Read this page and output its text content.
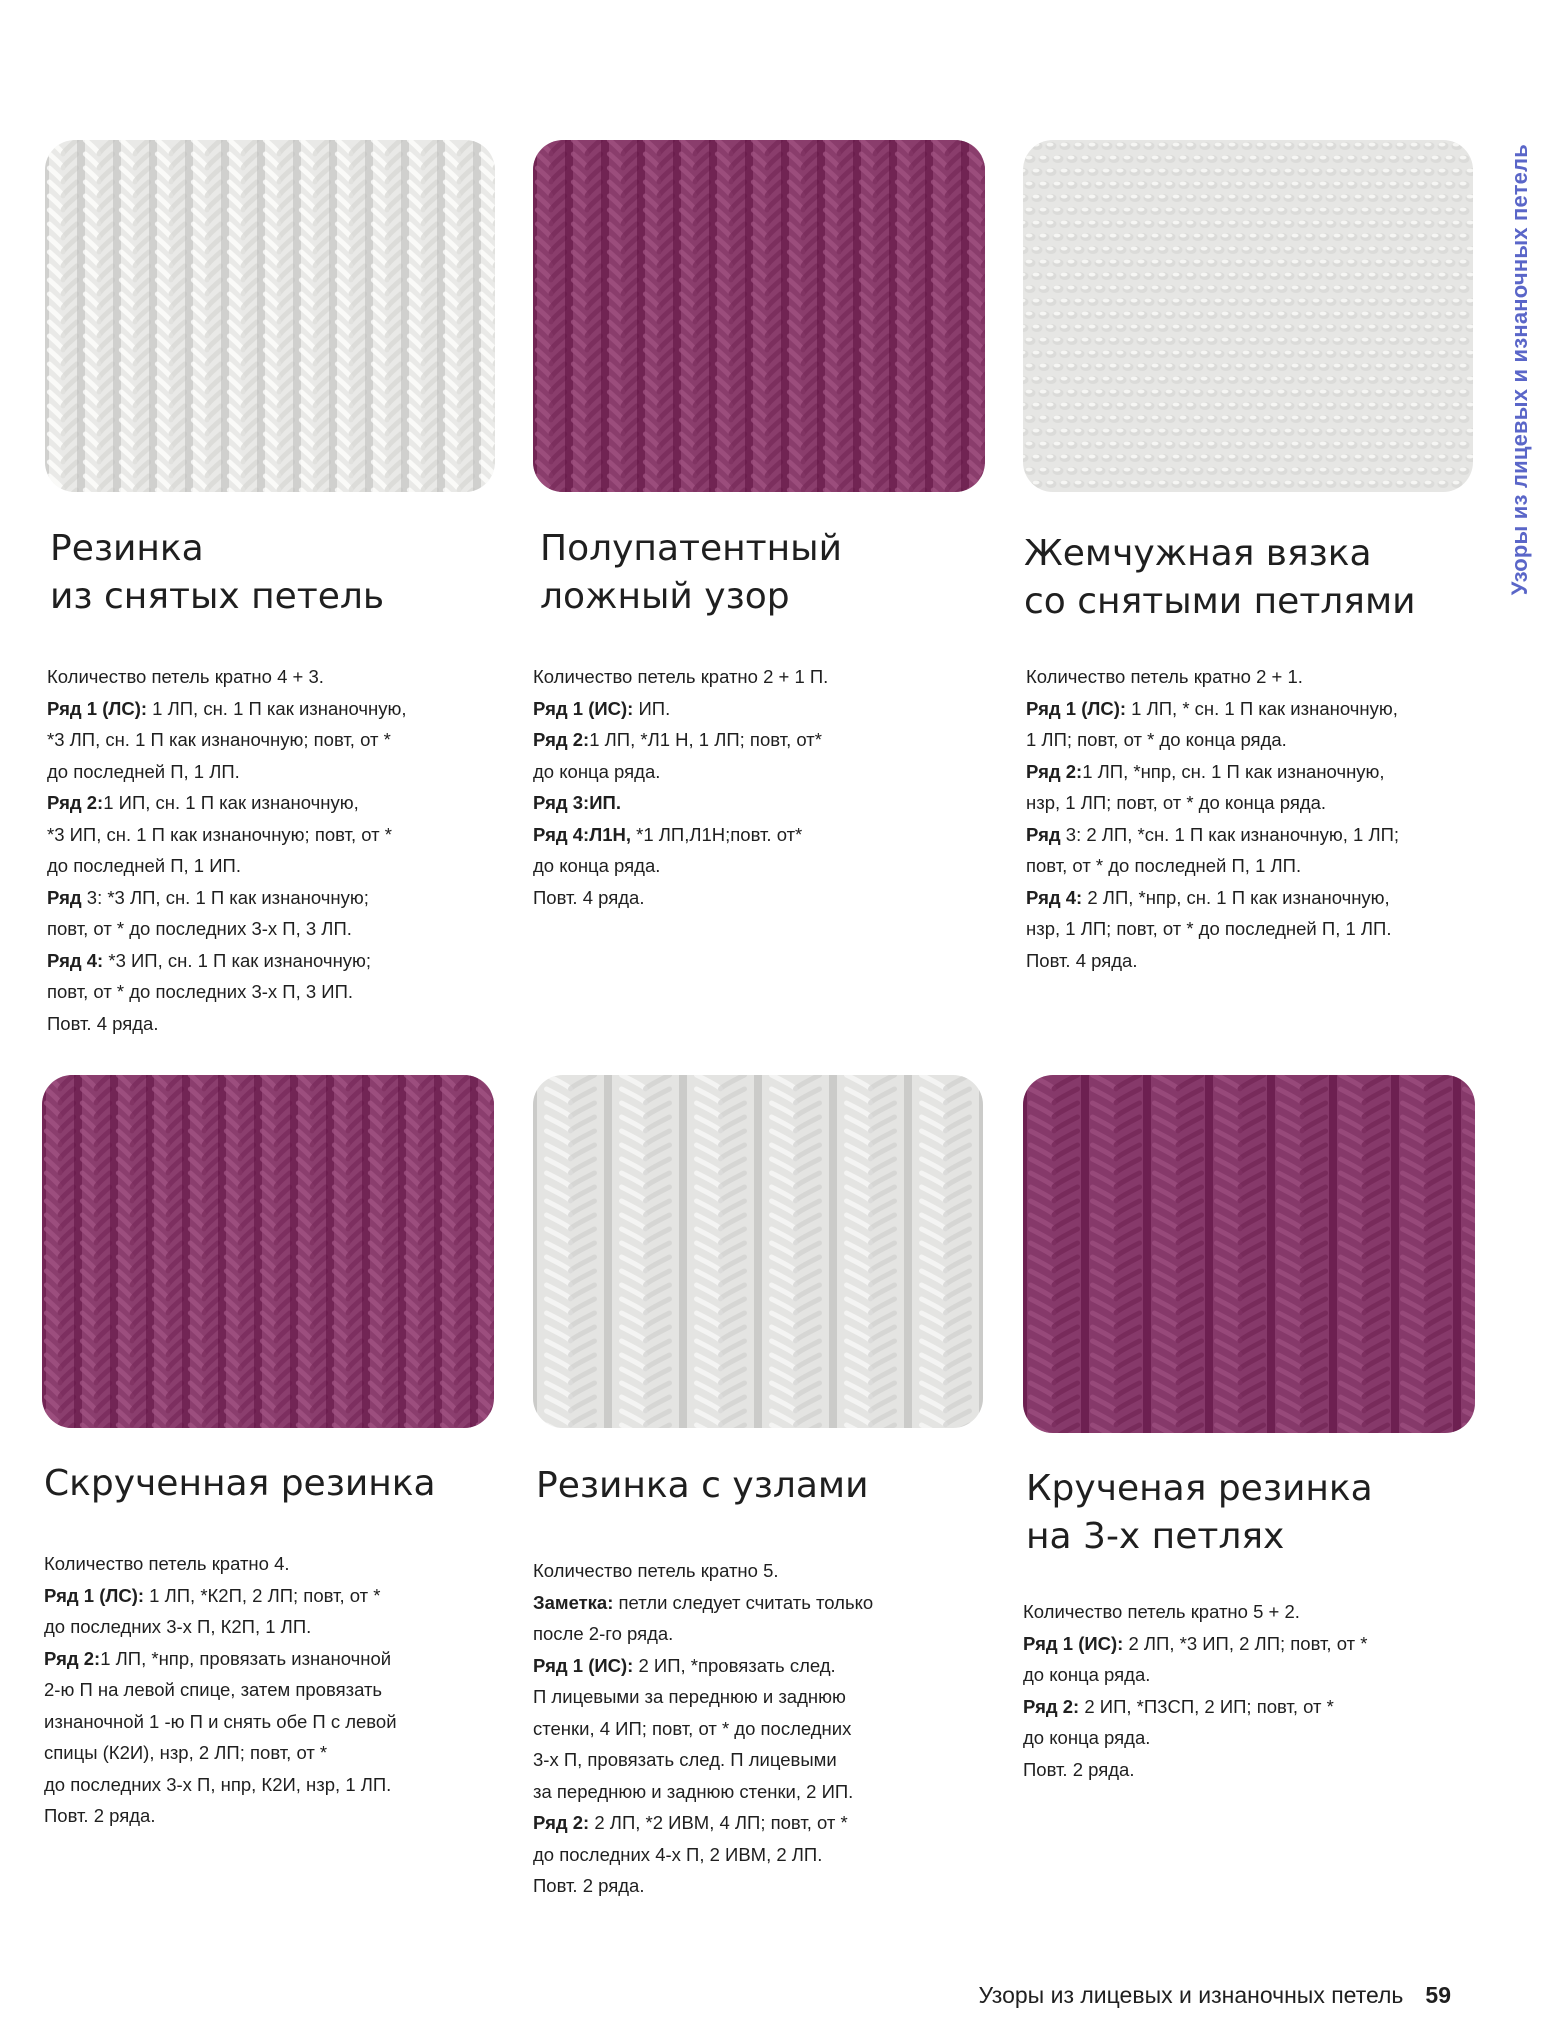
Узоры из лицевых и изнаночных петель
Резинка
из снятых петель
Количество петель кратно 4 + 3.
Ряд 1 (ЛС): 1 ЛП, сн. 1 П как изнаночную,
*3 ЛП, сн. 1 П как изнаночную; повт, от *
до последней П, 1 ЛП.
Ряд 2:1 ИП, сн. 1 П как изнаночную,
*3 ИП, сн. 1 П как изнаночную; повт, от *
до последней П, 1 ИП.
Ряд 3: *3 ЛП, сн. 1 П как изнаночную;
повт, от * до последних 3-х П, 3 ЛП.
Ряд 4: *3 ИП, сн. 1 П как изнаночную;
повт, от * до последних 3-х П, 3 ИП.
Повт. 4 ряда.
Полупатентный
ложный узор
Количество петель кратно 2 + 1 П.
Ряд 1 (ИС): ИП.
Ряд 2:1 ЛП, *Л1 Н, 1 ЛП; повт, от*
до конца ряда.
Ряд 3:ИП.
Ряд 4:Л1Н, *1 ЛП,Л1Н;повт. от*
до конца ряда.
Повт. 4 ряда.
Жемчужная вязка
со снятыми петлями
Количество петель кратно 2 + 1.
Ряд 1 (ЛС): 1 ЛП, * сн. 1 П как изнаночную,
1 ЛП; повт, от * до конца ряда.
Ряд 2:1 ЛП, *нпр, сн. 1 П как изнаночную,
нзр, 1 ЛП; повт, от * до конца ряда.
Ряд 3: 2 ЛП, *сн. 1 П как изнаночную, 1 ЛП;
повт, от * до последней П, 1 ЛП.
Ряд 4: 2 ЛП, *нпр, сн. 1 П как изнаночную,
нзр, 1 ЛП; повт, от * до последней П, 1 ЛП.
Повт. 4 ряда.
Скрученная резинка
Количество петель кратно 4.
Ряд 1 (ЛС): 1 ЛП, *К2П, 2 ЛП; повт, от *
до последних 3-х П, К2П, 1 ЛП.
Ряд 2:1 ЛП, *нпр, провязать изнаночной
2-ю П на левой спице, затем провязать
изнаночной 1 -ю П и снять обе П с левой
спицы (К2И), нзр, 2 ЛП; повт, от *
до последних 3-х П, нпр, К2И, нзр, 1 ЛП.
Повт. 2 ряда.
Резинка с узлами
Количество петель кратно 5.
Заметка: петли следует считать только
после 2-го ряда.
Ряд 1 (ИС): 2 ИП, *провязать след.
П лицевыми за переднюю и заднюю
стенки, 4 ИП; повт, от * до последних
3-х П, провязать след. П лицевыми
за переднюю и заднюю стенки, 2 ИП.
Ряд 2: 2 ЛП, *2 ИВМ, 4 ЛП; повт, от *
до последних 4-х П, 2 ИВМ, 2 ЛП.
Повт. 2 ряда.
Крученая резинка
на 3-х петлях
Количество петель кратно 5 + 2.
Ряд 1 (ИС): 2 ЛП, *3 ИП, 2 ЛП; повт, от *
до конца ряда.
Ряд 2: 2 ИП, *П3СП, 2 ИП; повт, от *
до конца ряда.
Повт. 2 ряда.
Узоры из лицевых и изнаночных петель 59
